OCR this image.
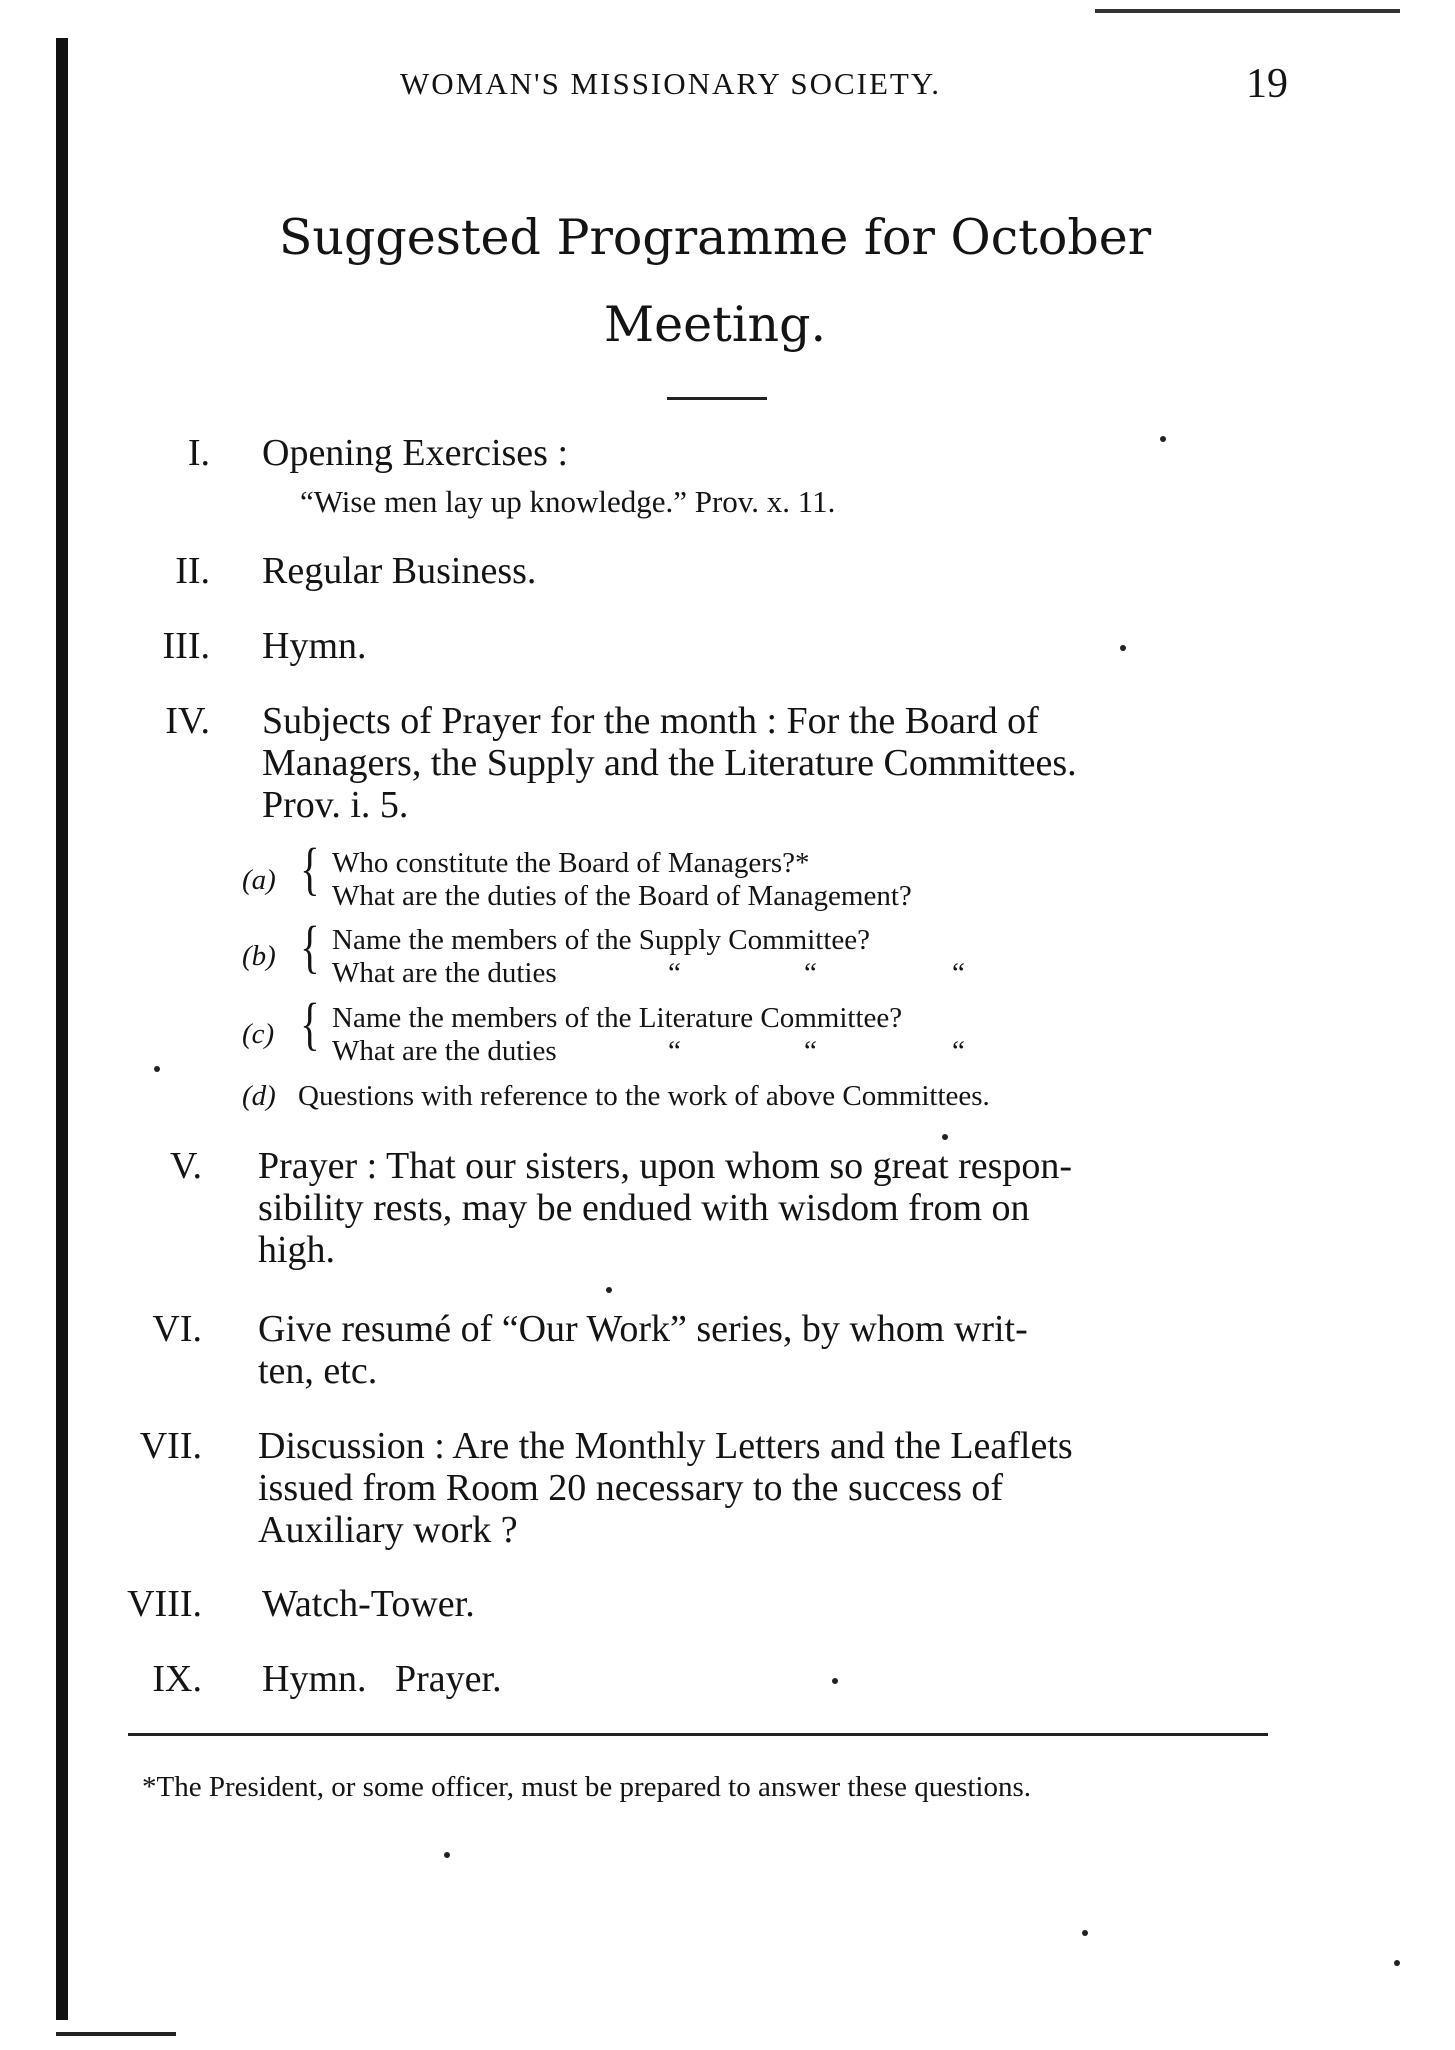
WOMAN'S MISSIONARY SOCIETY.	19
Suggested Programme for October
Meeting.
I. Opening Exercises :
“Wise men lay up knowledge.” Prov. x. 11.
II. Regular Business.
III. Hymn.
IV. Subjects of Prayer for the month : For the Board of
Managers, the Supply and the Literature Committees.
Prov. i. 5.
(a) { Who constitute the Board of Managers?*
What are the duties of the Board of Management?
(b) { Name the members of the Supply Committee?
What are the duties	“	“	“
(c) { Name the members of the Literature Committee?
What are the duties	“	“	“
(d) Questions with reference to the work of above Committees.
V. Prayer : That our sisters, upon whom so great respon-
sibility rests, may be endued with wisdom from on
high.
VI. Give resumé of “Our Work” series, by whom writ-
ten, etc.
VII. Discussion : Are the Monthly Letters and the Leaflets
issued from Room 20 necessary to the success of
Auxiliary work ?
VIII. Watch-Tower.
IX. Hymn.   Prayer.
*The President, or some officer, must be prepared to answer these questions.
